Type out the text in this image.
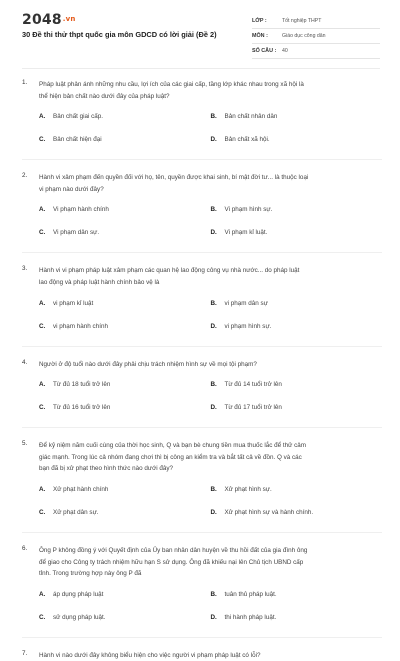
$2048^{.vn}$
30 Đề thi thử thpt quốc gia môn GDCD có lời giải (Đề 2)
LỚP :	Tốt nghiệp THPT
MÔN :	Giáo dục công dân
SỐ CÂU :	40
1. Pháp luật phản ánh những nhu cầu, lợi ích của các giai cấp, tầng lớp khác nhau trong xã hội là
thể hiện bản chất nào dưới đây của pháp luật?
A.	Bản chất giai cấp.	B.	Bản chất nhân dân
C.	Bản chất hiện đại	D.	Bản chất xã hội.
2. Hành vi xâm phạm đến quyền đối với họ, tên, quyền được khai sinh, bí mật đời tư... là thuộc loại
vi phạm nào dưới đây?
A.	Vi phạm hành chính	B.	Vi phạm hình sự.
C.	Vi phạm dân sự.	D.	Vi phạm kỉ luật.
3. Hành vi vi phạm pháp luật xâm phạm các quan hệ lao động công vụ nhà nước... do pháp luật
lao động và pháp luật hành chính bảo vệ là
A.	vi phạm kỉ luật	B.	vi phạm dân sự
C.	vi phạm hành chính	D.	vi phạm hình sự.
4. Người ở độ tuổi nào dưới đây phải chịu trách nhiệm hình sự về mọi tội phạm?
A.	Từ đủ 18 tuổi trở lên	B.	Từ đủ 14 tuổi trở lên
C.	Từ đủ 16 tuổi trở lên	D.	Từ đủ 17 tuổi trở lên
5. Để kỷ niệm năm cuối cùng của thời học sinh, Q và bạn bè chung tiền mua thuốc lắc để thử cảm
giác mạnh. Trong lúc cả nhóm đang chơi thì bị công an kiểm tra và bắt tất cả về đồn. Q và các
bạn đã bị xử phạt theo hình thức nào dưới đây?
A.	Xử phạt hành chính	B.	Xử phạt hình sự.
C.	Xử phạt dân sự.	D.	Xử phạt hình sự và hành chính.
6. Ông P không đồng ý với Quyết định của Ủy ban nhân dân huyện về thu hồi đất của gia đình ông
để giao cho Công ty trách nhiệm hữu hạn S sử dụng. Ông đã khiếu nại lên Chủ tịch UBND cấp
tỉnh. Trong trường hợp này ông P đã
A.	áp dụng pháp luật	B.	tuân thủ pháp luật.
C.	sử dụng pháp luật.	D.	thi hành pháp luật.
7. Hành vi nào dưới đây không biểu hiện cho việc người vi phạm pháp luật có lỗi?
